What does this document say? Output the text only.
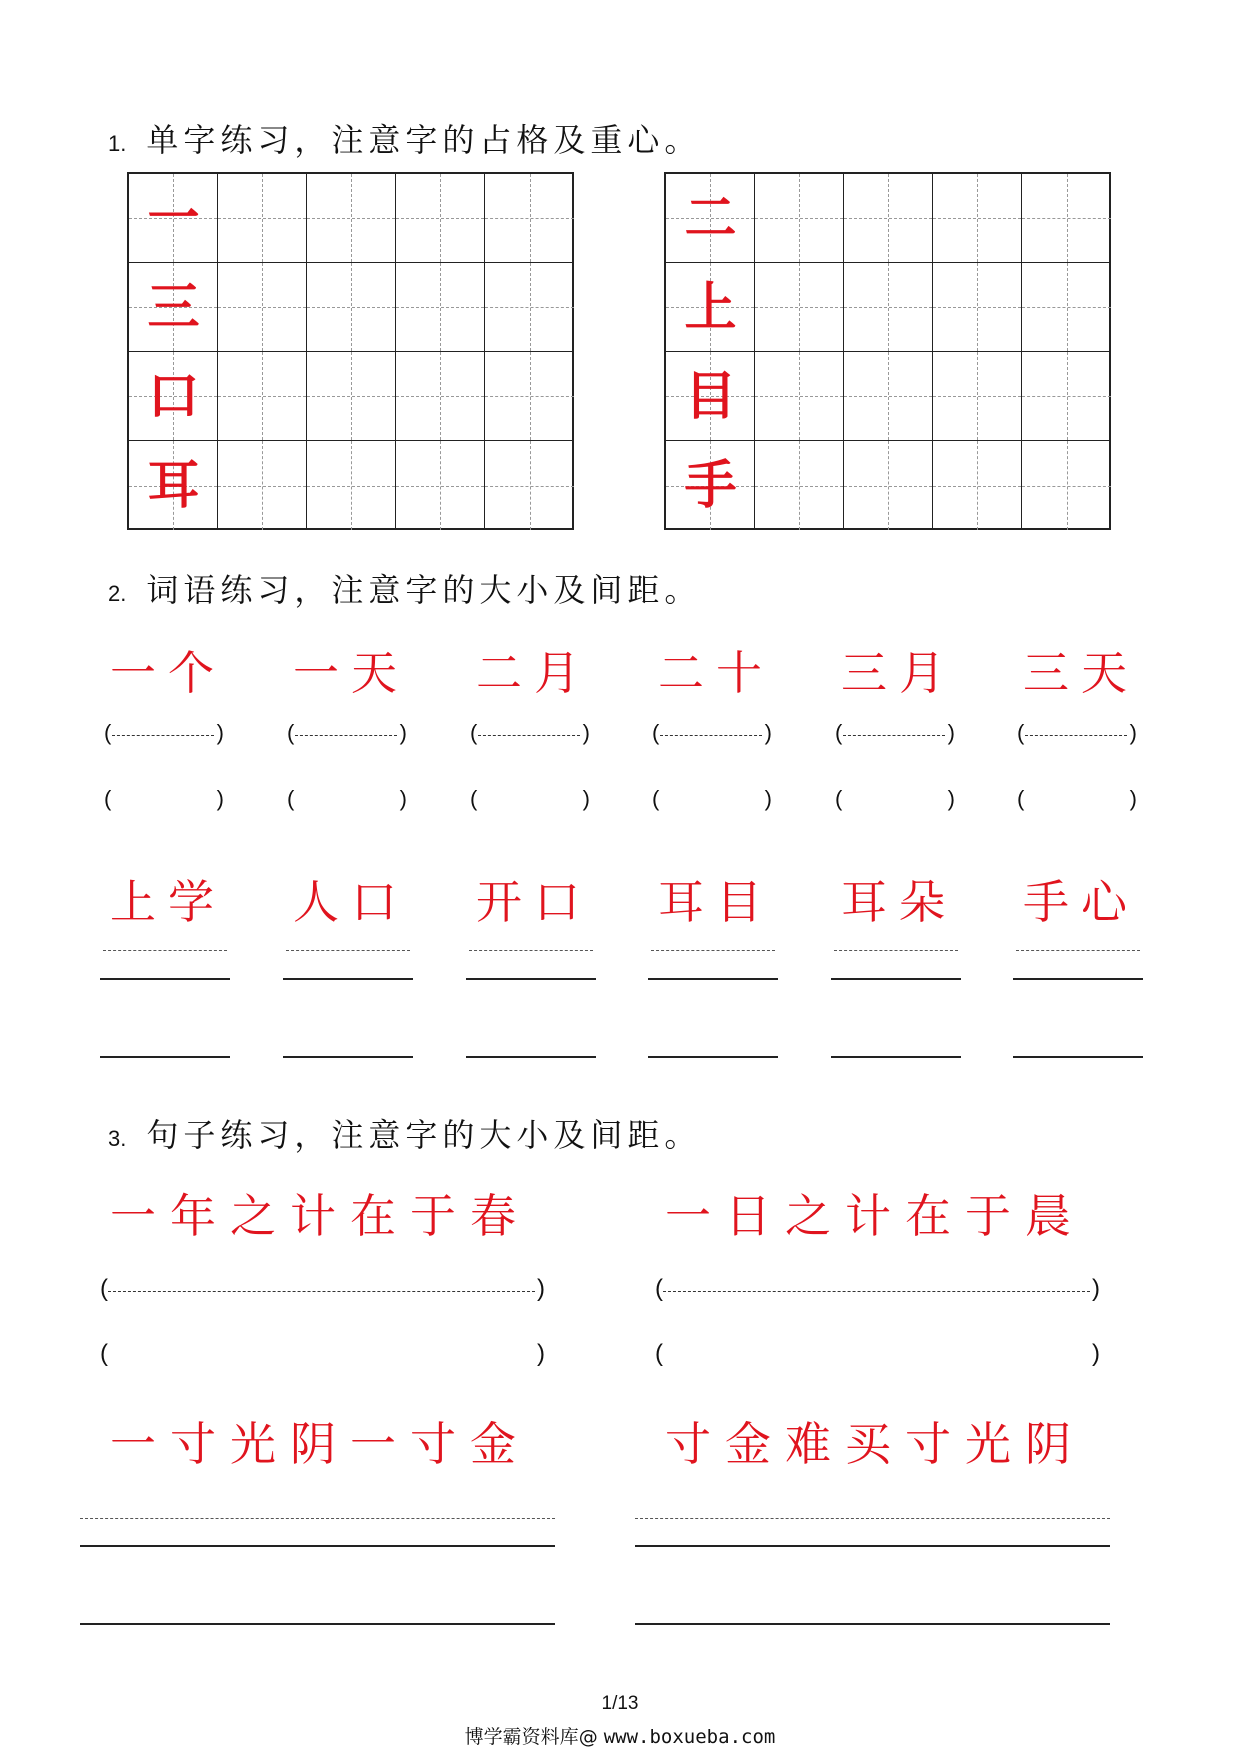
1. 单字练习，注意字的占格及重心。
一
三
口
耳
二
上
目
手
2. 词语练习，注意字的大小及间距。
一个
(	)
(	)
上学
一天
(	)
(	)
人口
二月
(	)
(	)
开口
二十
(	)
(	)
耳目
三月
(	)
(	)
耳朵
三天
(	)
(	)
手心
3. 句子练习，注意字的大小及间距。
一年之计在于春
(	)
(	)
一寸光阴一寸金
一日之计在于晨
(	)
(	)
寸金难买寸光阴
1/13
博学霸资料库@ www.boxueba.com
